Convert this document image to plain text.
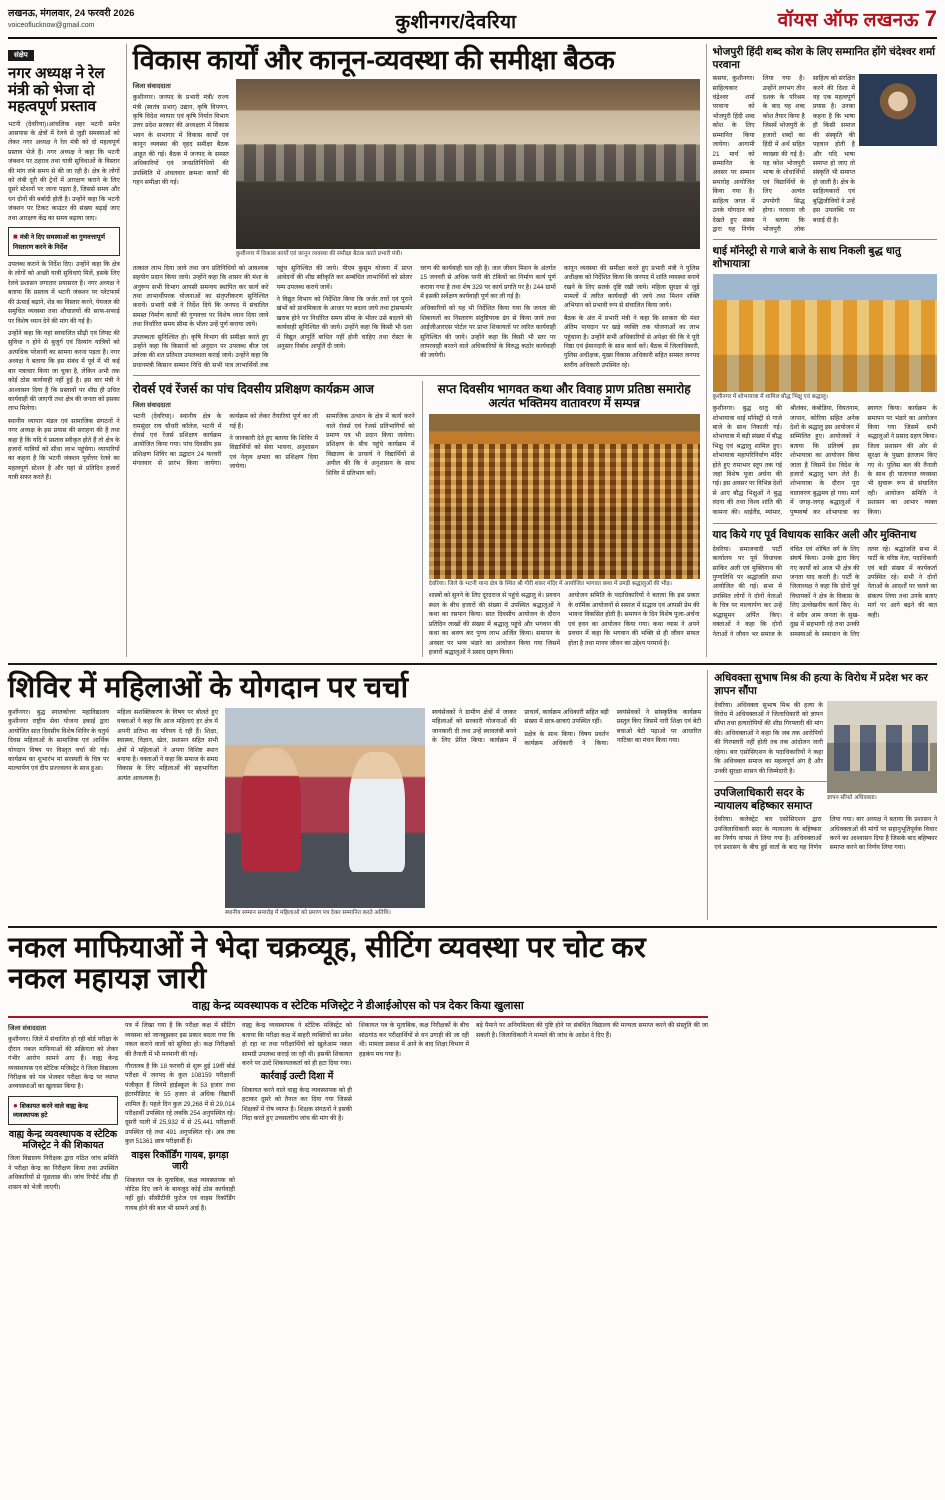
लखनऊ, मंगलवार, 24 फरवरी 2026
voiceoflucknow@gmail.com	कुशीनगर/देवरिया	वॉयस ऑफ लखनऊ 7
संक्षेप
नगर अध्यक्ष ने रेल मंत्री को भेजा दो महत्वपूर्ण प्रस्ताव

भटनी (देवरिया)।आंचलिक शहर भटनी समेत आसपास के क्षेत्रों में रेलवे से जुड़ी समस्याओं को लेकर नगर अध्यक्ष ने रेल मंत्री को दो महत्वपूर्ण प्रस्ताव भेजे हैं। नगर अध्यक्ष ने कहा कि भटनी जंक्शन पर ठहराव तथा यात्री सुविधाओं के विस्तार की मांग लंबे समय से की जा रही है। क्षेत्र के लोगों को लंबी दूरी की ट्रेनों में आरक्षण कराने के लिए दूसरे स्टेशनों पर जाना पड़ता है, जिससे समय और धन दोनों की बर्बादी होती है। उन्होंने कहा कि भटनी जंक्शन पर टिकट काउंटर की संख्या बढ़ाई जाए तथा आरक्षण केंद्र का समय बढ़ाया जाए।

■ मंत्री ने दिए समस्याओं का गुणवत्तापूर्ण निस्तारण करने के निर्देश

उपलब्ध कराने के निर्देश दिए। उन्होंने कहा कि क्षेत्र के लोगों को अच्छी यात्री सुविधाएं मिलें, इसके लिए रेलवे प्रशासन लगातार प्रयासरत है। नगर अध्यक्ष ने बताया कि प्रस्ताव में भटनी जंक्शन पर प्लेटफार्म की ऊंचाई बढ़ाने, शेड का विस्तार करने, पेयजल की समुचित व्यवस्था तथा शौचालयों की साफ-सफाई पर विशेष ध्यान देने की मांग की गई है।

उन्होंने कहा कि यहां स्वचालित सीढ़ी एवं लिफ्ट की सुविधा न होने से बुजुर्ग एवं दिव्यांग यात्रियों को अत्यधिक परेशानी का सामना करना पड़ता है। नगर अध्यक्ष ने बताया कि इस संबंध में पूर्व में भी कई बार पत्राचार किया जा चुका है, लेकिन अभी तक कोई ठोस कार्यवाही नहीं हुई है। इस बार मंत्री ने आश्वासन दिया है कि प्रस्तावों पर शीघ्र ही उचित कार्यवाही की जाएगी तथा क्षेत्र की जनता को इसका लाभ मिलेगा।

स्थानीय व्यापार मंडल एवं सामाजिक संगठनों ने नगर अध्यक्ष के इस प्रयास की सराहना की है तथा कहा है कि यदि ये प्रस्ताव स्वीकृत होते हैं तो क्षेत्र के हजारों यात्रियों को सीधा लाभ पहुंचेगा। व्यापारियों का कहना है कि भटनी जंक्शन पूर्वोत्तर रेलवे का महत्वपूर्ण स्टेशन है और यहां से प्रतिदिन हजारों यात्री सफर करते हैं।

विकास कार्यों और कानून-व्यवस्था की समीक्षा बैठक
जिला संवाददाता

कुशीनगर। जनपद के प्रभारी मंत्री/ राज्य मंत्री (स्वतंत्र प्रभार) उद्यान, कृषि विपणन, कृषि विदेश व्यापार एवं कृषि निर्यात विभाग उत्तर प्रदेश सरकार की अध्यक्षता में विकास भवन के सभागार में विकास कार्यों एवं कानून व्यवस्था की वृहद समीक्षा बैठक आहूत की गई। बैठक में जनपद के समस्त अधिकारियों एवं जनप्रतिनिधियों की उपस्थिति में अंचलवार क्रमशः कार्यों की गहन समीक्षा की गई।

कुशीनगर में विकास कार्यों एवं कानून व्यवस्था की समीक्षा बैठक करते प्रभारी मंत्री।

तत्काल लाभ दिया जाये तथा जन प्रतिनिधियों को आवश्यक सहयोग प्रदान किया जाये। उन्होंने कहा कि शासन की मंशा के अनुरूप सभी विभाग आपसी समन्वय स्थापित कर कार्य करें तथा लाभार्थीपरक योजनाओं का संतृप्तीकरण सुनिश्चित करायें। प्रभारी मंत्री ने निर्देश दिये कि जनपद में संचालित समस्त निर्माण कार्यों की गुणवत्ता पर विशेष ध्यान दिया जाये तथा निर्धारित समय सीमा के भीतर उन्हें पूर्ण कराया जाये।

उपलब्धता सुनिश्चित हो। कृषि विभाग की समीक्षा करते हुए उन्होंने कहा कि किसानों को अनुदान पर उपलब्ध बीज एवं उर्वरक की शत प्रतिशत उपलब्धता कराई जाये। उन्होंने कहा कि प्रधानमंत्री किसान सम्मान निधि की सभी पात्र लाभार्थियों तक पहुंच सुनिश्चित की जाये। पीएम कुसुम योजना में प्राप्त आवेदनों की शीघ्र स्वीकृति कर सम्बंधित लाभार्थियों को सोलर पम्प उपलब्ध कराये जायें।

ने विद्युत विभाग को निर्देशित किया कि जर्जर तारों एवं पुराने खंभों को प्राथमिकता के आधार पर बदला जाये तथा ट्रांसफार्मर खराब होने पर निर्धारित समय सीमा के भीतर उसे बदलने की कार्यवाही सुनिश्चित की जाये। उन्होंने कहा कि किसी भी दशा में विद्युत आपूर्ति बाधित नहीं होनी चाहिए तथा रोस्टर के अनुसार निर्बाध आपूर्ति दी जाये।

चरण की कार्यवाही चल रही है। जल जीवन मिशन के अंतर्गत 15 जनवरी से अधिक पानी की टंकियों का निर्माण कार्य पूर्ण कराया गया है तथा शेष 329 पर कार्य प्रगति पर है। 244 ग्रामों में इसकी सर्वेक्षण कार्यवाही पूर्ण कर ली गई है।

अधिकारियों को यह भी निर्देशित किया गया कि जनता की शिकायतों का निस्तारण संतुष्टिपरक ढंग से किया जाये तथा आईजीआरएस पोर्टल पर प्राप्त शिकायतों पर त्वरित कार्यवाही सुनिश्चित की जाये। उन्होंने कहा कि किसी भी स्तर पर लापरवाही बरतने वाले अधिकारियों के विरुद्ध कठोर कार्यवाही की जायेगी।

कानून व्यवस्था की समीक्षा करते हुए प्रभारी मंत्री ने पुलिस अधीक्षक को निर्देशित किया कि जनपद में शांति व्यवस्था बनाये रखने के लिए सतर्क दृष्टि रखी जाये। महिला सुरक्षा से जुड़े मामलों में त्वरित कार्यवाही की जाये तथा मिशन शक्ति अभियान को प्रभावी रूप से संचालित किया जाये।

बैठक के अंत में प्रभारी मंत्री ने कहा कि सरकार की मंशा अंतिम पायदान पर खड़े व्यक्ति तक योजनाओं का लाभ पहुंचाना है। उन्होंने सभी अधिकारियों से अपेक्षा की कि वे पूरी निष्ठा एवं ईमानदारी के साथ कार्य करें। बैठक में जिलाधिकारी, पुलिस अधीक्षक, मुख्य विकास अधिकारी सहित समस्त जनपद स्तरीय अधिकारी उपस्थित रहे।

रोवर्स एवं रेंजर्स का पांच दिवसीय प्रशिक्षण कार्यक्रम आज
जिला संवाददाता

भटनी (देवरिया)। स्थानीय क्षेत्र के रामसुंदर राय चौधरी कॉलेज, भटनी में रोवर्स एवं रेंजर्स प्रशिक्षण कार्यक्रम आयोजित किया गया। पांच दिवसीय इस प्रशिक्षण शिविर का उद्घाटन 24 फरवरी मंगलवार से प्रारंभ किया जायेगा। कार्यक्रम को लेकर तैयारियां पूर्ण कर ली गई हैं।

ने जानकारी देते हुए बताया कि शिविर में विद्यार्थियों को सेवा भावना, अनुशासन एवं नेतृत्व क्षमता का प्रशिक्षण दिया जायेगा।

सामाजिक उत्थान के क्षेत्र में कार्य करने वाले रोवर्स एवं रेंजर्स प्रतिभागियों को प्रमाण पत्र भी प्रदान किया जायेगा। प्रशिक्षण के बीच पहुंचे कार्यक्रम में विद्यालय के प्राचार्य ने विद्यार्थियों से अपील की कि वे अनुशासन के साथ शिविर में प्रतिभाग करें।

सप्त दिवसीय भागवत कथा और विवाह प्राण प्रतिष्ठा समारोह अत्यंत भक्तिमय वातावरण में सम्पन्न
देवरिया। जिले के भटनी थाना क्षेत्र के स्थित श्री गौरी शंकर मंदिर में आयोजित भागवत कथा में उमड़ी श्रद्धालुओं की भीड़।

शास्त्रों को सुनने के लिए दूरदराज से पहुंचे श्रद्धालु थे। प्रवचन स्थल के बीच हजारों की संख्या में उपस्थित श्रद्धालुओं ने कथा का रसपान किया। सात दिवसीय आयोजन के दौरान प्रतिदिन लाखों की संख्या में श्रद्धालु पहुंचे और भगवान की कथा का श्रवण कर पुण्य लाभ अर्जित किया। समापन के अवसर पर भव्य भंडारे का आयोजन किया गया जिसमें हजारों श्रद्धालुओं ने प्रसाद ग्रहण किया।

आयोजन समिति के पदाधिकारियों ने बताया कि इस प्रकार के धार्मिक आयोजनों से समाज में सद्भाव एवं आपसी प्रेम की भावना विकसित होती है। समापन के दिन विशेष पूजा-अर्चना एवं हवन का आयोजन किया गया। कथा व्यास ने अपने प्रवचन में कहा कि भगवान की भक्ति से ही जीवन सफल होता है तथा मानव जीवन का उद्देश्य परमार्थ है।

भोजपुरी हिंदी शब्द कोश के लिए सम्मानित होंगे चंदेश्वर शर्मा परवाना

कसया, कुशीनगर। साहित्यकार चंद्रेश्वर शर्मा परवाना को भोजपुरी हिंदी शब्द कोश के लिए सम्मानित किया जायेगा। आगामी 21 मार्च को सम्मानित के अवसर पर सम्मान समारोह आयोजित किया गया है। साहित्य जगत में उनके योगदान को देखते हुए संस्था द्वारा यह निर्णय लिया गया है। उन्होंने लगभग तीन दशक के परिश्रम के बाद यह शब्द कोश तैयार किया है जिसमें भोजपुरी के हजारों शब्दों का हिंदी में अर्थ सहित व्याख्या की गई है। यह कोश भोजपुरी भाषा के शोधार्थियों एवं विद्यार्थियों के लिए अत्यंत उपयोगी सिद्ध होगा। परवाना जी ने बताया कि भोजपुरी लोक साहित्य को संरक्षित करने की दिशा में यह एक महत्वपूर्ण प्रयास है। उनका कहना है कि भाषा ही किसी समाज की संस्कृति की पहचान होती है और यदि भाषा समाप्त हो जाए तो संस्कृति भी समाप्त हो जाती है। क्षेत्र के साहित्यकारों एवं बुद्धिजीवियों ने उन्हें इस उपलब्धि पर बधाई दी है।

थाई मॉनेस्ट्री से गाजे बाजे के साथ निकली बुद्ध धातु शोभायात्रा
कुशीनगर में शोभायात्रा में शामिल बौद्ध भिक्षु एवं श्रद्धालु।

कुशीनगर। बुद्ध धातु की शोभायात्रा थाई मॉनेस्ट्री से गाजे बाजे के साथ निकाली गई। शोभायात्रा में बड़ी संख्या में बौद्ध भिक्षु एवं श्रद्धालु शामिल हुए। शोभायात्रा महापरिनिर्वाण मंदिर होते हुए रामाभार स्तूप तक गई जहां विशेष पूजा अर्चना की गई। इस अवसर पर विभिन्न देशों से आए बौद्ध भिक्षुओं ने बुद्ध वंदना की तथा विश्व शांति की कामना की। थाईलैंड, म्यांमार, श्रीलंका, कंबोडिया, वियतनाम, जापान, कोरिया सहित अनेक देशों के श्रद्धालु इस आयोजन में सम्मिलित हुए। आयोजकों ने बताया कि प्रतिवर्ष इस शोभायात्रा का आयोजन किया जाता है जिसमें देश विदेश के हजारों श्रद्धालु भाग लेते हैं। शोभायात्रा के दौरान पूरा वातावरण बुद्धमय हो गया। मार्ग में जगह-जगह श्रद्धालुओं ने पुष्पवर्षा कर शोभायात्रा का स्वागत किया। कार्यक्रम के समापन पर भंडारे का आयोजन किया गया जिसमें सभी श्रद्धालुओं ने प्रसाद ग्रहण किया। जिला प्रशासन की ओर से सुरक्षा के पुख्ता इंतजाम किए गए थे। पुलिस बल की तैनाती के साथ ही यातायात व्यवस्था भी सुचारू रूप से संचालित रही। आयोजन समिति ने प्रशासन का आभार व्यक्त किया।

याद किये गए पूर्व विधायक साकिर अली और मुक्तिनाथ

देवरिया। समाजवादी पार्टी कार्यालय पर पूर्व विधायक साकिर अली एवं मुक्तिनाथ की पुण्यतिथि पर श्रद्धांजलि सभा आयोजित की गई। सभा में उपस्थित लोगों ने दोनों नेताओं के चित्र पर माल्यार्पण कर उन्हें श्रद्धासुमन अर्पित किए। वक्ताओं ने कहा कि दोनों नेताओं ने जीवन भर समाज के वंचित एवं शोषित वर्ग के लिए संघर्ष किया। उनके द्वारा किए गए कार्यों को आज भी क्षेत्र की जनता याद करती है। पार्टी के जिलाध्यक्ष ने कहा कि दोनों पूर्व विधायकों ने क्षेत्र के विकास के लिए उल्लेखनीय कार्य किए थे। वे सदैव आम जनता के सुख-दुख में सहभागी रहे तथा उनकी समस्याओं के समाधान के लिए तत्पर रहे। श्रद्धांजलि सभा में पार्टी के वरिष्ठ नेता, पदाधिकारी एवं बड़ी संख्या में कार्यकर्ता उपस्थित रहे। सभी ने दोनों नेताओं के आदर्शों पर चलने का संकल्प लिया तथा उनके बताए मार्ग पर आगे बढ़ने की बात कही।

शिविर में महिलाओं के योगदान पर चर्चा

कुशीनगर। बुद्ध स्नातकोत्तर महाविद्यालय कुशीनगर राष्ट्रीय सेवा योजना इकाई द्वारा आयोजित सात दिवसीय विशेष शिविर के चतुर्थ दिवस महिलाओं के सामाजिक एवं आर्थिक योगदान विषय पर विस्तृत चर्चा की गई। कार्यक्रम का शुभारंभ मां सरस्वती के चित्र पर माल्यार्पण एवं दीप प्रज्ज्वलन के साथ हुआ।

महिला सशक्तिकरण के विषय पर बोलते हुए वक्ताओं ने कहा कि आज महिलाएं हर क्षेत्र में अपनी प्रतिभा का परिचय दे रही हैं। शिक्षा, स्वास्थ्य, विज्ञान, खेल, प्रशासन सहित सभी क्षेत्रों में महिलाओं ने अपना विशिष्ट स्थान बनाया है। वक्ताओं ने कहा कि समाज के समग्र विकास के लिए महिलाओं की सहभागिता अत्यंत आवश्यक है।

स्थानीय सम्मान समारोह में महिलाओं को प्रमाण पत्र देकर सम्मानित करते अतिथि।

स्वयंसेवकों ने ग्रामीण क्षेत्रों में जाकर महिलाओं को सरकारी योजनाओं की जानकारी दी तथा उन्हें स्वावलंबी बनने के लिए प्रेरित किया। कार्यक्रम में प्राचार्य, कार्यक्रम अधिकारी सहित बड़ी संख्या में छात्र-छात्राएं उपस्थित रहीं।

प्रक्षेत्र के साथ किया। विषय प्रवर्तन कार्यक्रम अधिकारी ने किया। स्वयंसेवकों ने सांस्कृतिक कार्यक्रम प्रस्तुत किए जिसमें नारी शिक्षा एवं बेटी बचाओ बेटी पढ़ाओ पर आधारित नाटिका का मंचन किया गया।

अधिवक्ता सुभाष मिश्र की हत्या के विरोध में प्रदेश भर कर ज्ञापन सौंपा
ज्ञापन सौंपते अधिवक्ता।

देवरिया। अधिवक्ता सुभाष मिश्र की हत्या के विरोध में अधिवक्ताओं ने जिलाधिकारी को ज्ञापन सौंपा तथा हत्यारोपियों की शीघ्र गिरफ्तारी की मांग की। अधिवक्ताओं ने कहा कि जब तक आरोपियों की गिरफ्तारी नहीं होती तब तक आंदोलन जारी रहेगा। बार एसोसिएशन के पदाधिकारियों ने कहा कि अधिवक्ता समाज का महत्वपूर्ण अंग है और उनकी सुरक्षा शासन की जिम्मेदारी है।

उपजिलाधिकारी सदर के न्यायालय बहिष्कार समाप्त

देवरिया। कलेक्ट्रेट बार एसोसिएशन द्वारा उपजिलाधिकारी सदर के न्यायालय के बहिष्कार का निर्णय वापस ले लिया गया है। अधिवक्ताओं एवं प्रशासन के बीच हुई वार्ता के बाद यह निर्णय लिया गया। बार अध्यक्ष ने बताया कि प्रशासन ने अधिवक्ताओं की मांगों पर सहानुभूतिपूर्वक विचार करने का आश्वासन दिया है जिसके बाद बहिष्कार समाप्त करने का निर्णय लिया गया।

नकल माफियाओं ने भेदा चक्रव्यूह, सीटिंग व्यवस्था पर चोट कर नकल महायज्ञ जारी
वाह्य केन्द्र व्यवस्थापक व स्टेटिक मजिस्ट्रेट ने डीआईओएस को पत्र देकर किया खुलासा
जिला संवाददाता

कुशीनगर। जिले में संचालित हो रही बोर्ड परीक्षा के दौरान नकल माफियाओं की सक्रियता को लेकर गंभीर आरोप सामने आए हैं। वाह्य केन्द्र व्यवस्थापक एवं स्टेटिक मजिस्ट्रेट ने जिला विद्यालय निरीक्षक को पत्र भेजकर परीक्षा केन्द्र पर व्याप्त अव्यवस्थाओं का खुलासा किया है।

● शिकायत करने वाले वाह्य केन्द्र व्यवस्थापक हटे
वाह्य केन्द्र व्यवस्थापक व स्टेटिक मजिस्ट्रेट ने की शिकायत

जिला विद्यालय निरीक्षक द्वारा गठित जांच समिति ने परीक्षा केन्द्र का निरीक्षण किया तथा उपस्थित अधिकारियों से पूछताछ की। जांच रिपोर्ट शीघ्र ही शासन को भेजी जाएगी।

पत्र में लिखा गया है कि परीक्षा कक्ष में सीटिंग व्यवस्था को जानबूझकर इस प्रकार बदला गया कि नकल कराने वालों को सुविधा हो। कक्ष निरीक्षकों की तैनाती में भी मनमानी की गई।

गौरतलब है कि 18 फरवरी से शुरू हुई 19वीं बोर्ड परीक्षा में जनपद के कुल 108159 परीक्षार्थी पंजीकृत हैं जिनमें हाईस्कूल के 53 हजार तथा इंटरमीडिएट के 55 हजार से अधिक विद्यार्थी शामिल हैं। पहले दिन कुल 29,268 में से 29,014 परीक्षार्थी उपस्थित रहे जबकि 254 अनुपस्थित रहे। दूसरी पाली में 25,932 में से 25,441 परीक्षार्थी उपस्थित रहे तथा 491 अनुपस्थित रहे। अब तक कुल 51361 छात्र परीक्षार्थी हैं।

वाइस रिकॉर्डिंग गायब, झगड़ा जारी

शिकायत पत्र के मुताबिक, कक्ष व्यवस्थापक को नोटिस दिए जाने के बावजूद कोई ठोस कार्यवाही नहीं हुई। सीसीटीवी फुटेज एवं वाइस रिकॉर्डिंग गायब होने की बात भी सामने आई है।

वाह्य केन्द्र व्यवस्थापक ने स्टेटिक मजिस्ट्रेट को बताया कि परीक्षा कक्ष में बाहरी व्यक्तियों का प्रवेश हो रहा था तथा परीक्षार्थियों को खुलेआम नकल सामग्री उपलब्ध कराई जा रही थी। इसकी शिकायत करने पर उल्टे शिकायतकर्ता को ही हटा दिया गया।

कार्रवाई उल्टी दिशा में

शिकायत करने वाले वाह्य केन्द्र व्यवस्थापक को ही हटाकर दूसरे को तैनात कर दिया गया जिससे शिक्षकों में रोष व्याप्त है। शिक्षक संगठनों ने इसकी निंदा करते हुए उच्चस्तरीय जांच की मांग की है।

शिकायत पत्र के मुताबिक, कक्ष निरीक्षकों के बीच सांठगांठ कर परीक्षार्थियों से धन उगाही की जा रही थी। मामला प्रकाश में आने के बाद शिक्षा विभाग में हड़कंप मच गया है।

बड़े पैमाने पर अनियमितता की पुष्टि होने पर संबंधित विद्यालय की मान्यता समाप्त करने की संस्तुति की जा सकती है। जिलाधिकारी ने मामले की जांच के आदेश दे दिए हैं।
